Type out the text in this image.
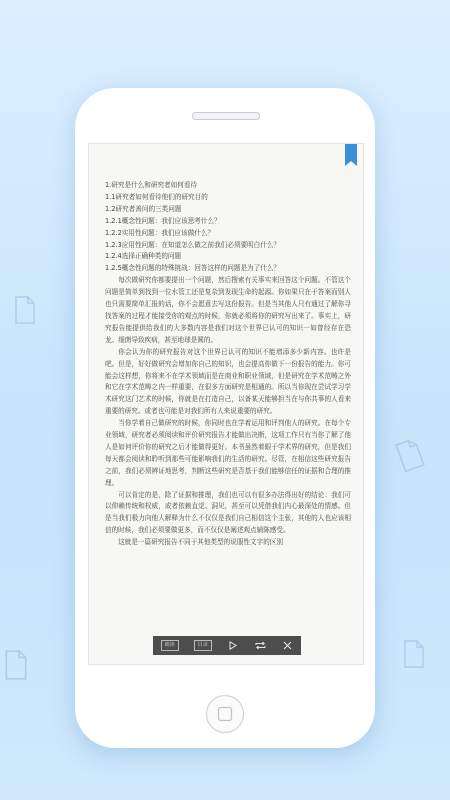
1.研究是什么和研究者如何看待
1.1研究者如何看待他们的研究目的
1.2研究者善问的三类问题
1.2.1概念性问题：我们应该思考什么？
1.2.2实用性问题：我们应该做什么？
1.2.3应用性问题：在知道怎么做之前我们必须要明白什么？
1.2.4选择正确种类的问题
1.2.5概念性问题的特殊挑战：回答这样的问题是为了什么？

每次做研究你都要提出一个问题，然后搜索有关事实来回答这个问题。不管这个问题是简单到找到一位水管工还是复杂到发现生命的起源。你如果只在于答案而别人也只需要简单汇报的话，你不会愿意去写这份报告。但是当其他人只有通过了解你寻找答案的过程才能接受你的观点的时候，你就必须将你的研究写出来了。事实上，研究报告能提供给我们的大多数内容是我们对这个世界已认可的知识一如曾经存在恐龙、细菌导致疾病，甚至地球是圆的。

你会认为你的研究报告对这个世界已认可的知识不能增添多少新内容。也许是吧。但是，好好做研究会增加你自己的知识，也会提高你做下一份报告的能力。你可能会这样想，你将来不在学术领域而是在商业和职业领域，但是研究在学术范畴之外和它在学术范畴之内一样重要，在很多方面研究是相通的。所以当你现在尝试学习学术研究这门艺术的时候，你就是在打造自己，以备某天能够担当在与你共事的人看来重要的研究。或者也可能是对我们所有人来说重要的研究。

当你学着自己做研究的时候，你同时也在学着运用和评判他人的研究。在每个专业领域，研究者必须阅读和评价研究报告才能做出决断，这项工作只有当你了解了他人是如何评价你的研究之后才能做得更好。本书虽然着眼于学术界的研究，但是我们每天都会阅读和聆听到那些可能影响我们的生活的研究。尽管，在相信这些研究报告之前，我们必须辨证地思考，判断这些研究是否基于我们能够信任的证据和合理的推理。

可以肯定的是，除了证据和推理，我们也可以有很多办法得出好的结论：我们可以仰赖传统和权威，或者依赖直觉、洞见，甚至可以凭借我们内心最深处的情感。但是当我们极力向他人解释为什么不仅仅是我们自己相信这个主张，其他的人也应该相信的时候，我们必须要做更多，而不仅仅是阐述观点辅陈感受。

这就是一篇研究报告不同于其他类型的说服性文字的区别

朗读	目录
